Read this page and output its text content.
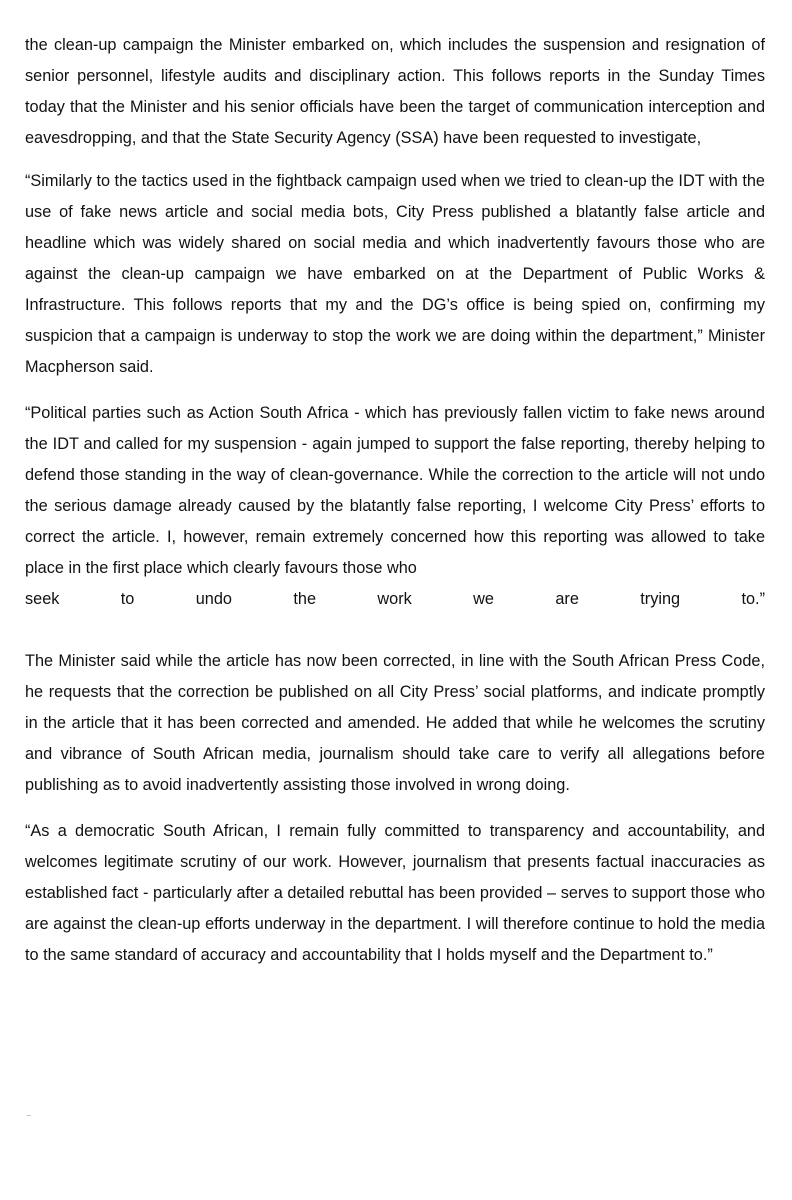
the clean-up campaign the Minister embarked on, which includes the suspension and resignation of senior personnel, lifestyle audits and disciplinary action. This follows reports in the Sunday Times today that the Minister and his senior officials have been the target of communication interception and eavesdropping, and that the State Security Agency (SSA) have been requested to investigate,

“Similarly to the tactics used in the fightback campaign used when we tried to clean-up the IDT with the use of fake news article and social media bots, City Press published a blatantly false article and headline which was widely shared on social media and which inadvertently favours those who are against the clean-up campaign we have embarked on at the Department of Public Works & Infrastructure. This follows reports that my and the DG’s office is being spied on, confirming my suspicion that a campaign is underway to stop the work we are doing within the department,” Minister Macpherson said.

“Political parties such as Action South Africa - which has previously fallen victim to fake news around the IDT and called for my suspension - again jumped to support the false reporting, thereby helping to defend those standing in the way of clean-governance. While the correction to the article will not undo the serious damage already caused by the blatantly false reporting, I welcome City Press’ efforts to correct the article. I, however, remain extremely concerned how this reporting was allowed to take place in the first place which clearly favours those who

seek	to	undo	the	work	we	are	trying	to.”

The Minister said while the article has now been corrected, in line with the South African Press Code, he requests that the correction be published on all City Press’ social platforms, and indicate promptly in the article that it has been corrected and amended. He added that while he welcomes the scrutiny and vibrance of South African media, journalism should take care to verify all allegations before publishing as to avoid inadvertently assisting those involved in wrong doing.

“As a democratic South African, I remain fully committed to transparency and accountability, and welcomes legitimate scrutiny of our work. However, journalism that presents factual inaccuracies as established fact - particularly after a detailed rebuttal has been provided – serves to support those who are against the clean-up efforts underway in the department. I will therefore continue to hold the media to the same standard of accuracy and accountability that I holds myself and the Department to.”

–
